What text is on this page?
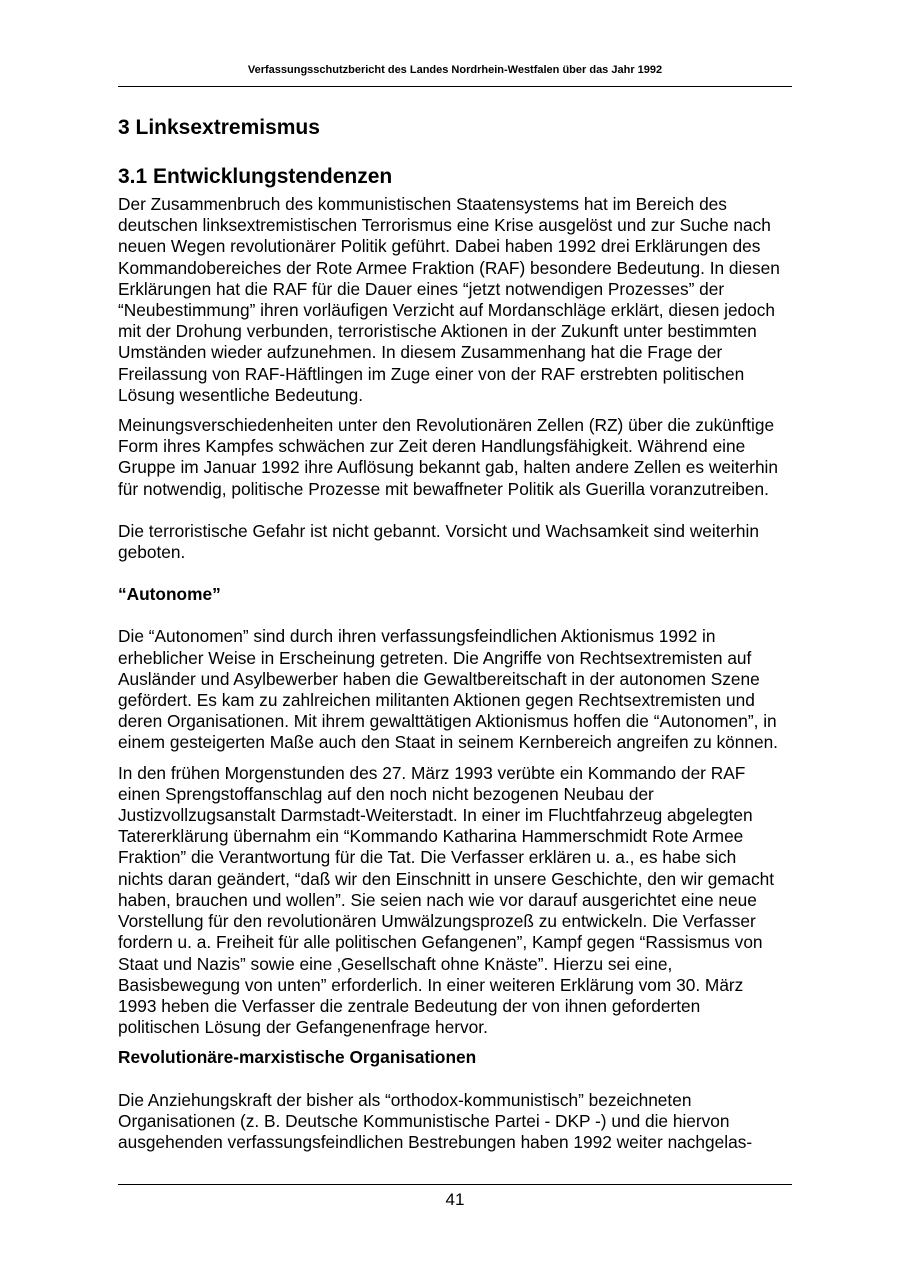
Verfassungsschutzbericht des Landes Nordrhein-Westfalen über das Jahr 1992
3 Linksextremismus
3.1 Entwicklungstendenzen

Der Zusammenbruch des kommunistischen Staatensystems hat im Bereich des deutschen linksextremistischen Terrorismus eine Krise ausgelöst und zur Suche nach neuen Wegen revolutionärer Politik geführt. Dabei haben 1992 drei Erklärungen des Kommandobereiches der Rote Armee Fraktion (RAF) besondere Bedeutung. In diesen Erklärungen hat die RAF für die Dauer eines “jetzt notwendigen Prozesses” der “Neubestimmung” ihren vorläufigen Verzicht auf Mordanschläge erklärt, diesen jedoch mit der Drohung verbunden, terroristische Aktionen in der Zukunft unter bestimmten Umständen wieder aufzunehmen. In diesem Zusammenhang hat die Frage der Freilassung von RAF-Häftlingen im Zuge einer von der RAF erstrebten politischen Lösung wesentliche Bedeutung.

Meinungsverschiedenheiten unter den Revolutionären Zellen (RZ) über die zukünftige Form ihres Kampfes schwächen zur Zeit deren Handlungsfähigkeit. Während eine Gruppe im Januar 1992 ihre Auflösung bekannt gab, halten andere Zellen es weiterhin für notwendig, politische Prozesse mit bewaffneter Politik als Guerilla voranzutreiben.

Die terroristische Gefahr ist nicht gebannt. Vorsicht und Wachsamkeit sind weiterhin geboten.

“Autonome”

Die “Autonomen” sind durch ihren verfassungsfeindlichen Aktionismus 1992 in erheblicher Weise in Erscheinung getreten. Die Angriffe von Rechtsextremisten auf Ausländer und Asylbewerber haben die Gewaltbereitschaft in der autonomen Szene gefördert. Es kam zu zahlreichen militanten Aktionen gegen Rechtsextremisten und deren Organisationen. Mit ihrem gewalttätigen Aktionismus hoffen die “Autonomen”, in einem gesteigerten Maße auch den Staat in seinem Kernbereich angreifen zu können.

In den frühen Morgenstunden des 27. März 1993 verübte ein Kommando der RAF einen Sprengstoffanschlag auf den noch nicht bezogenen Neubau der Justizvollzugsanstalt Darmstadt-Weiterstadt. In einer im Fluchtfahrzeug abgelegten Tatererklärung übernahm ein “Kommando Katharina Hammerschmidt Rote Armee Fraktion” die Verantwortung für die Tat. Die Verfasser erklären u. a., es habe sich nichts daran geändert, “daß wir den Einschnitt in unsere Geschichte, den wir gemacht haben, brauchen und wollen”. Sie seien nach wie vor darauf ausgerichtet eine neue Vorstellung für den revolutionären Umwälzungsprozeß zu entwickeln. Die Verfasser fordern u. a. Freiheit für alle politischen Gefangenen”, Kampf gegen “Rassismus von Staat und Nazis” sowie eine ‚Gesellschaft ohne Knäste”. Hierzu sei eine, Basisbewegung von unten” erforderlich. In einer weiteren Erklärung vom 30. März 1993 heben die Verfasser die zentrale Bedeutung der von ihnen geforderten politischen Lösung der Gefangenenfrage hervor.

Revolutionäre-marxistische Organisationen

Die Anziehungskraft der bisher als “orthodox-kommunistisch” bezeichneten Organisationen (z. B. Deutsche Kommunistische Partei - DKP -) und die hiervon ausgehenden verfassungsfeindlichen Bestrebungen haben 1992 weiter nachgelas-

41
